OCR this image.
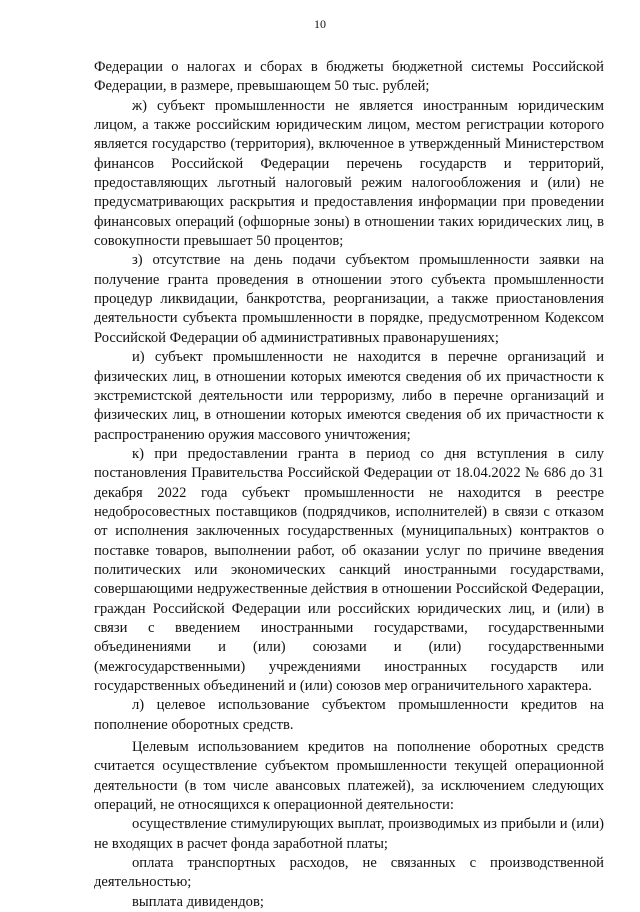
10

Федерации о налогах и сборах в бюджеты бюджетной системы Российской Федерации, в размере, превышающем 50 тыс. рублей;

ж) субъект промышленности не является иностранным юридическим лицом, а также российским юридическим лицом, местом регистрации которого является государство (территория), включенное в утвержденный Министерством финансов Российской Федерации перечень государств и территорий, предоставляющих льготный налоговый режим налогообложения и (или) не предусматривающих раскрытия и предоставления информации при проведении финансовых операций (офшорные зоны) в отношении таких юридических лиц, в совокупности превышает 50 процентов;

з) отсутствие на день подачи субъектом промышленности заявки на получение гранта проведения в отношении этого субъекта промышленности процедур ликвидации, банкротства, реорганизации, а также приостановления деятельности субъекта промышленности в порядке, предусмотренном Кодексом Российской Федерации об административных правонарушениях;

и) субъект промышленности не находится в перечне организаций и физических лиц, в отношении которых имеются сведения об их причастности к экстремистской деятельности или терроризму, либо в перечне организаций и физических лиц, в отношении которых имеются сведения об их причастности к распространению оружия массового уничтожения;

к) при предоставлении гранта в период со дня вступления в силу постановления Правительства Российской Федерации от 18.04.2022 № 686 до 31 декабря 2022 года субъект промышленности не находится в реестре недобросовестных поставщиков (подрядчиков, исполнителей) в связи с отказом от исполнения заключенных государственных (муниципальных) контрактов о поставке товаров, выполнении работ, об оказании услуг по причине введения политических или экономических санкций иностранными государствами, совершающими недружественные действия в отношении Российской Федерации, граждан Российской Федерации или российских юридических лиц, и (или) в связи с введением иностранными государствами, государственными объединениями и (или) союзами и (или) государственными (межгосударственными) учреждениями иностранных государств или государственных объединений и (или) союзов мер ограничительного характера.

л) целевое использование субъектом промышленности кредитов на пополнение оборотных средств.

Целевым использованием кредитов на пополнение оборотных средств считается осуществление субъектом промышленности текущей операционной деятельности (в том числе авансовых платежей), за исключением следующих операций, не относящихся к операционной деятельности:

осуществление стимулирующих выплат, производимых из прибыли и (или) не входящих в расчет фонда заработной платы;

оплата транспортных расходов, не связанных с производственной деятельностью;

выплата дивидендов;
